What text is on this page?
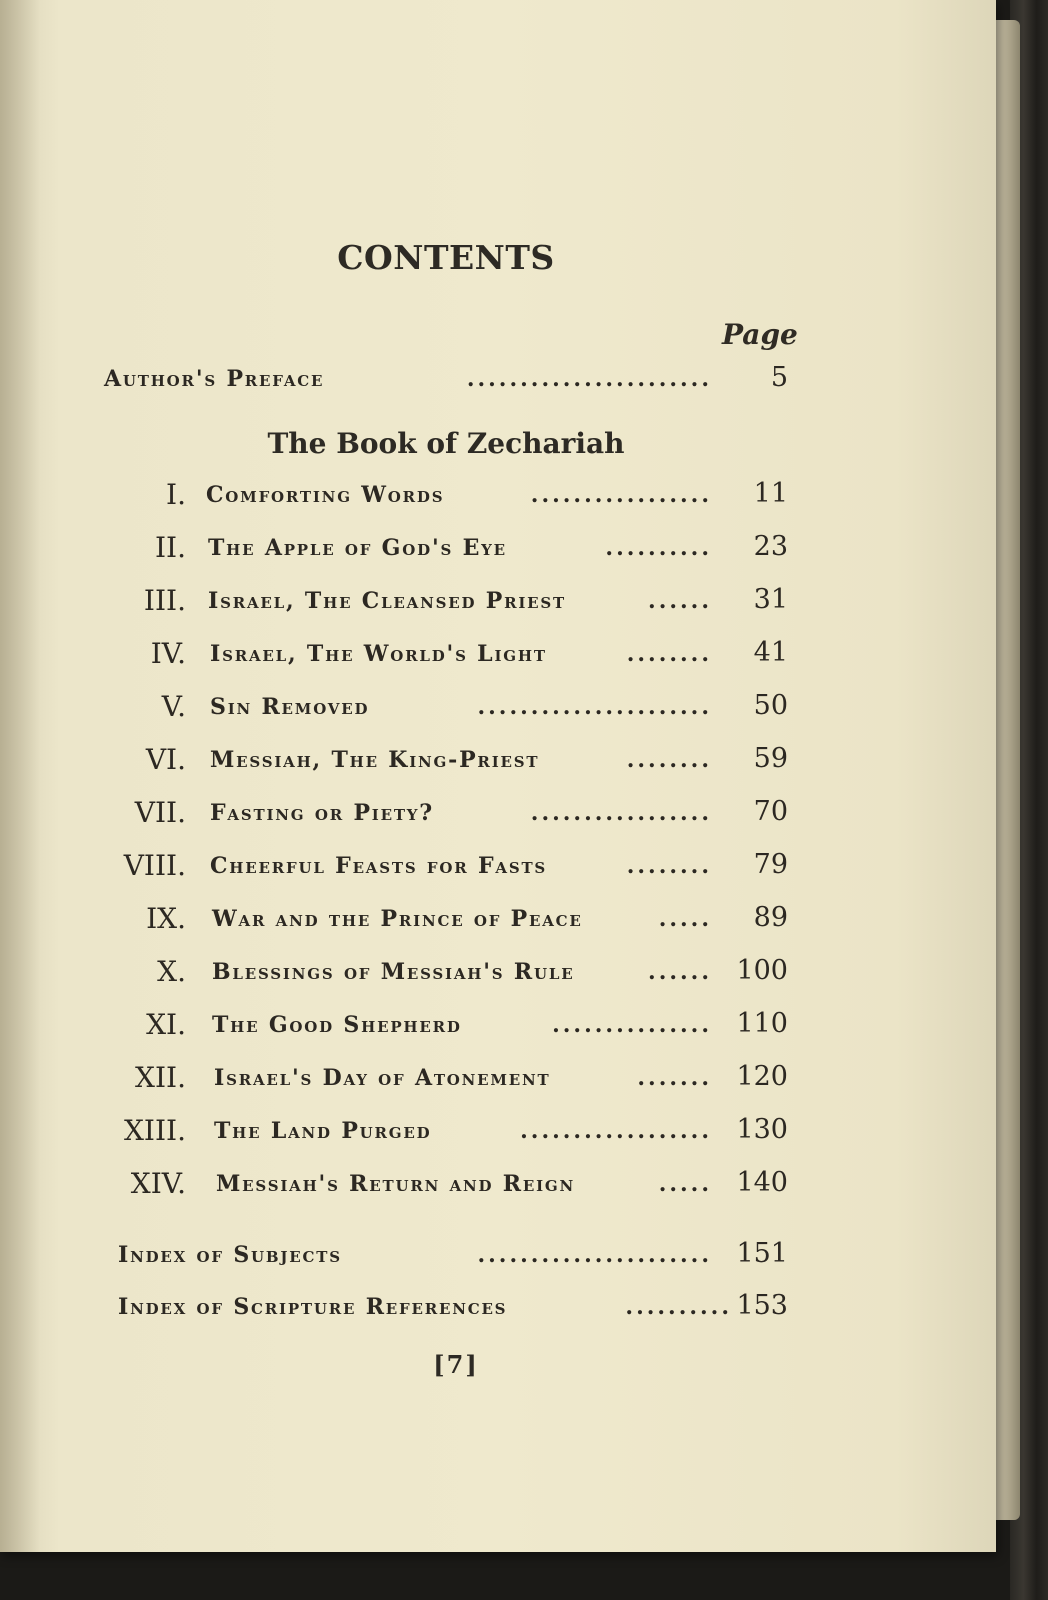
CONTENTS
Page
Author's Preface	....................... 5
The Book of Zechariah
I. Comforting Words	................. 11
II. The Apple of God's Eye	.......... 23
III. Israel, The Cleansed Priest	...... 31
IV. Israel, The World's Light	........ 41
V. Sin Removed	...................... 50
VI. Messiah, The King-Priest	........ 59
VII. Fasting or Piety?	................. 70
VIII. Cheerful Feasts for Fasts	........ 79
IX. War and the Prince of Peace	..... 89
X. Blessings of Messiah's Rule	...... 100
XI. The Good Shepherd	............... 110
XII. Israel's Day of Atonement	....... 120
XIII. The Land Purged	.................. 130
XIV. Messiah's Return and Reign	..... 140
Index of Subjects	...................... 151
Index of Scripture References	.......... 153
[7]
